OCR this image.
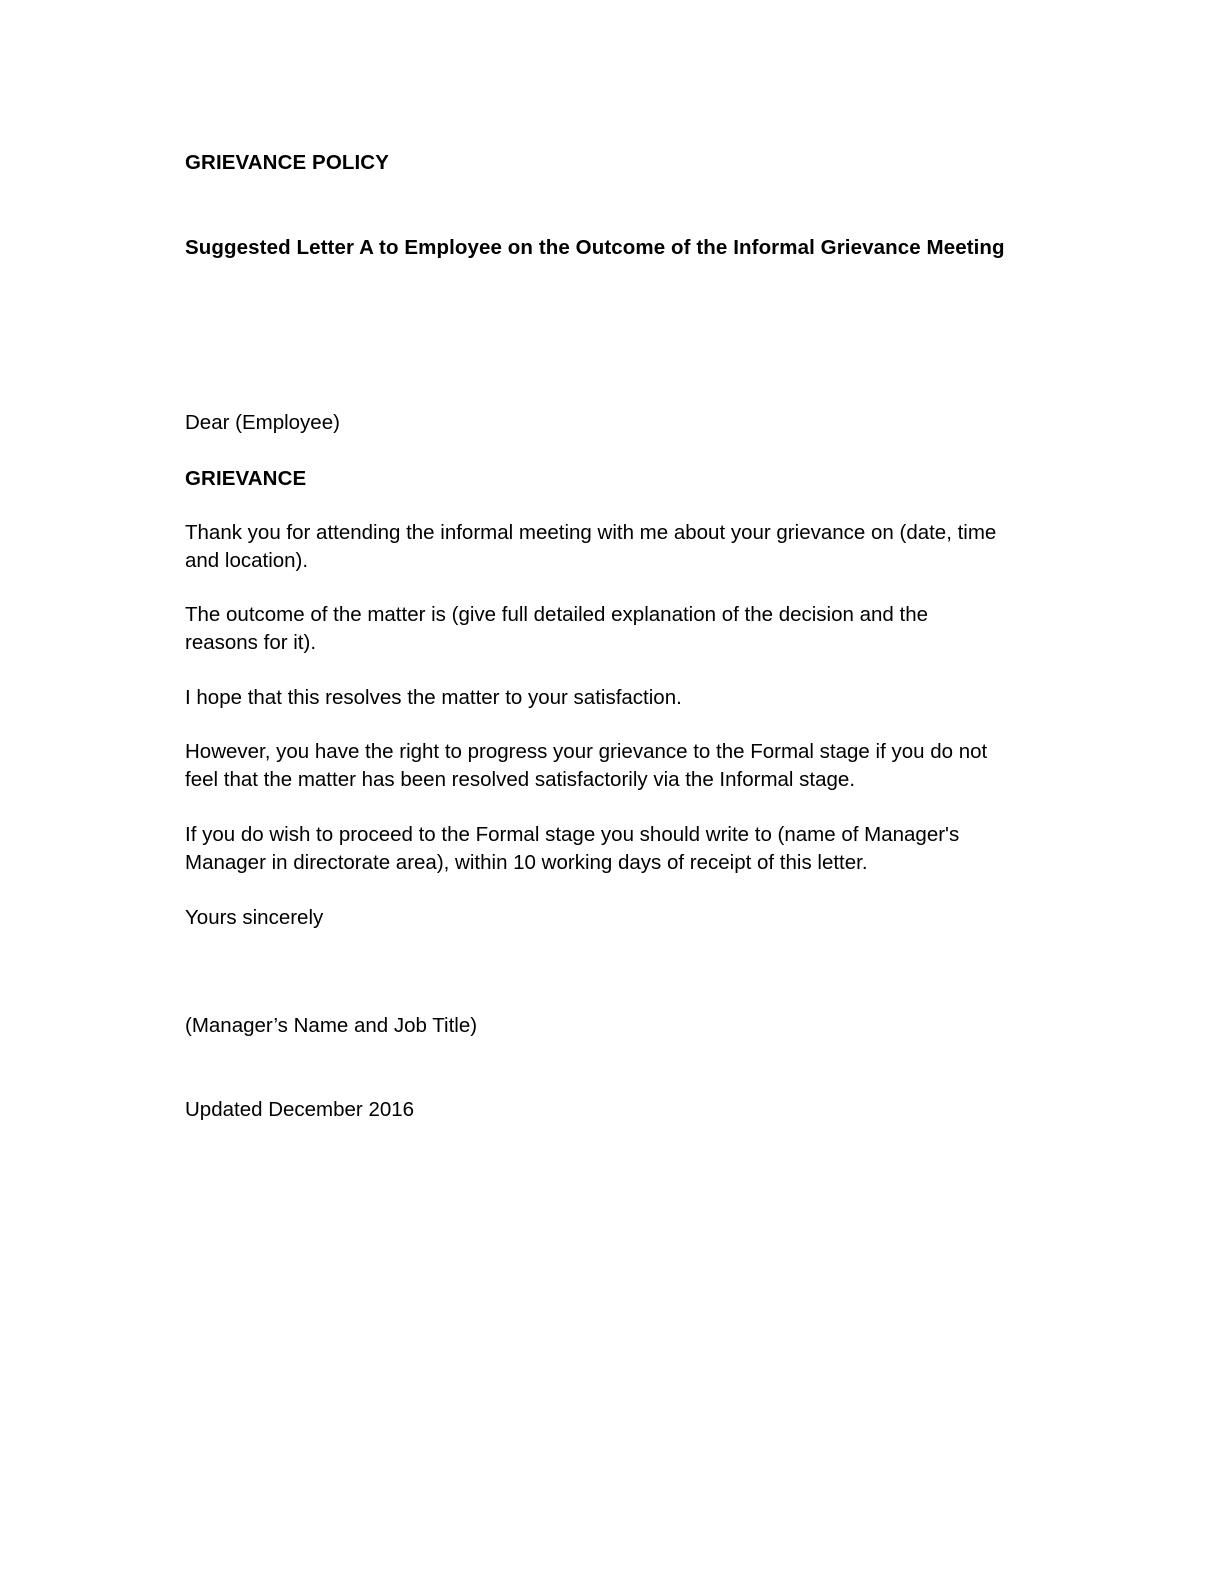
GRIEVANCE POLICY
Suggested Letter A to Employee on the Outcome of the Informal Grievance Meeting

Dear (Employee)

GRIEVANCE

Thank you for attending the informal meeting with me about your grievance on (date, time and location).

The outcome of the matter is (give full detailed explanation of the decision and the reasons for it).

I hope that this resolves the matter to your satisfaction.

However, you have the right to progress your grievance to the Formal stage if you do not feel that the matter has been resolved satisfactorily via the Informal stage.

If you do wish to proceed to the Formal stage you should write to (name of Manager's Manager in directorate area), within 10 working days of receipt of this letter.

Yours sincerely

(Manager’s Name and Job Title)

Updated December 2016
